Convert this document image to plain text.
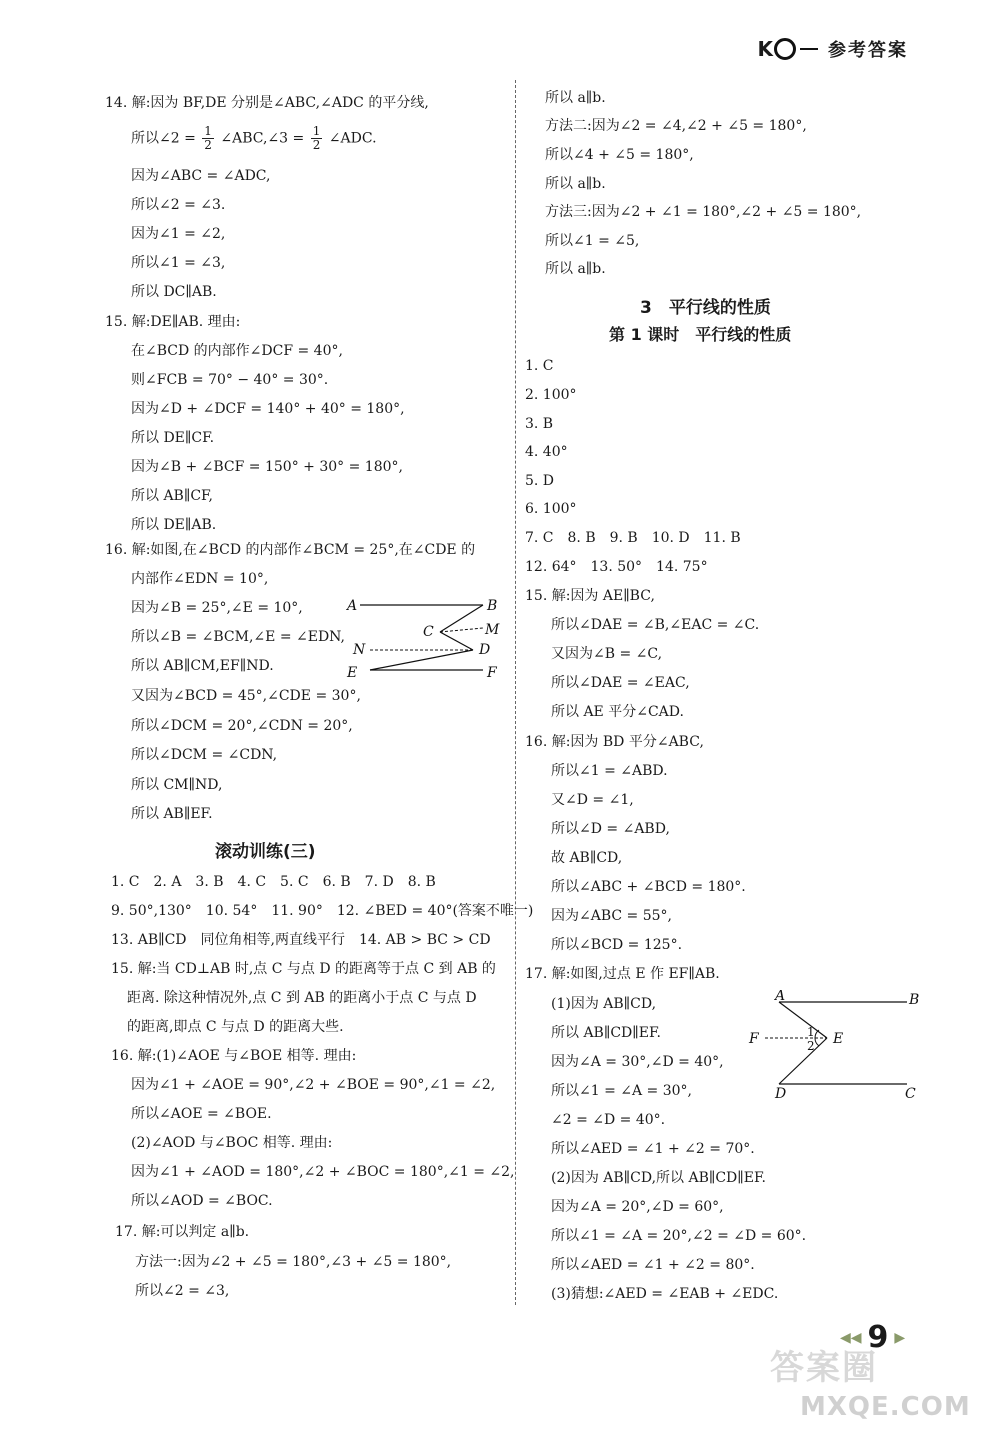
K	参考答案
14. 解:因为 BF,DE 分别是∠ABC,∠ADC 的平分线,
所以∠2 = $\frac{1}{2}$ ∠ABC,∠3 = $\frac{1}{2}$ ∠ADC.
因为∠ABC = ∠ADC,
所以∠2 = ∠3.
因为∠1 = ∠2,
所以∠1 = ∠3,
所以 DC∥AB.
15. 解:DE∥AB. 理由:
在∠BCD 的内部作∠DCF = 40°,
则∠FCB = 70° − 40° = 30°.
因为∠D + ∠DCF = 140° + 40° = 180°,
所以 DE∥CF.
因为∠B + ∠BCF = 150° + 30° = 180°,
所以 AB∥CF,
所以 DE∥AB.
16. 解:如图,在∠BCD 的内部作∠BCM = 25°,在∠CDE 的
内部作∠EDN = 10°,
因为∠B = 25°,∠E = 10°,
所以∠B = ∠BCM,∠E = ∠EDN,
所以 AB∥CM,EF∥ND.
又因为∠BCD = 45°,∠CDE = 30°,
所以∠DCM = 20°,∠CDN = 20°,
所以∠DCM = ∠CDN,
所以 CM∥ND,
所以 AB∥EF.
A	B
C	M
N	D
E	F
滚动训练(三)
1. C　2. A　3. B　4. C　5. C　6. B　7. D　8. B
9. 50°,130°　10. 54°　11. 90°　12. ∠BED = 40°(答案不唯一)
13. AB∥CD　同位角相等,两直线平行　14. AB > BC > CD
15. 解:当 CD⊥AB 时,点 C 与点 D 的距离等于点 C 到 AB 的
距离. 除这种情况外,点 C 到 AB 的距离小于点 C 与点 D
的距离,即点 C 与点 D 的距离大些.
16. 解:(1)∠AOE 与∠BOE 相等. 理由:
因为∠1 + ∠AOE = 90°,∠2 + ∠BOE = 90°,∠1 = ∠2,
所以∠AOE = ∠BOE.
(2)∠AOD 与∠BOC 相等. 理由:
因为∠1 + ∠AOD = 180°,∠2 + ∠BOC = 180°,∠1 = ∠2,
所以∠AOD = ∠BOC.
17. 解:可以判定 a∥b.
方法一:因为∠2 + ∠5 = 180°,∠3 + ∠5 = 180°,
所以∠2 = ∠3,
所以 a∥b.
方法二:因为∠2 = ∠4,∠2 + ∠5 = 180°,
所以∠4 + ∠5 = 180°,
所以 a∥b.
方法三:因为∠2 + ∠1 = 180°,∠2 + ∠5 = 180°,
所以∠1 = ∠5,
所以 a∥b.
3　平行线的性质
第 1 课时　平行线的性质
1. C
2. 100°
3. B
4. 40°
5. D
6. 100°
7. C　8. B　9. B　10. D　11. B
12. 64°　13. 50°　14. 75°
15. 解:因为 AE∥BC,
所以∠DAE = ∠B,∠EAC = ∠C.
又因为∠B = ∠C,
所以∠DAE = ∠EAC,
所以 AE 平分∠CAD.
16. 解:因为 BD 平分∠ABC,
所以∠1 = ∠ABD.
又∠D = ∠1,
所以∠D = ∠ABD,
故 AB∥CD,
所以∠ABC + ∠BCD = 180°.
因为∠ABC = 55°,
所以∠BCD = 125°.
17. 解:如图,过点 E 作 EF∥AB.
(1)因为 AB∥CD,
所以 AB∥CD∥EF.
因为∠A = 30°,∠D = 40°,
所以∠1 = ∠A = 30°,
∠2 = ∠D = 40°.
所以∠AED = ∠1 + ∠2 = 70°.
(2)因为 AB∥CD,所以 AB∥CD∥EF.
因为∠A = 20°,∠D = 60°,
所以∠1 = ∠A = 20°,∠2 = ∠D = 60°.
所以∠AED = ∠1 + ∠2 = 80°.
(3)猜想:∠AED = ∠EAB + ∠EDC.
A	B
F	1
2 E
D	C
◀◀ 9 ▶
答案圈
MXQE.COM
